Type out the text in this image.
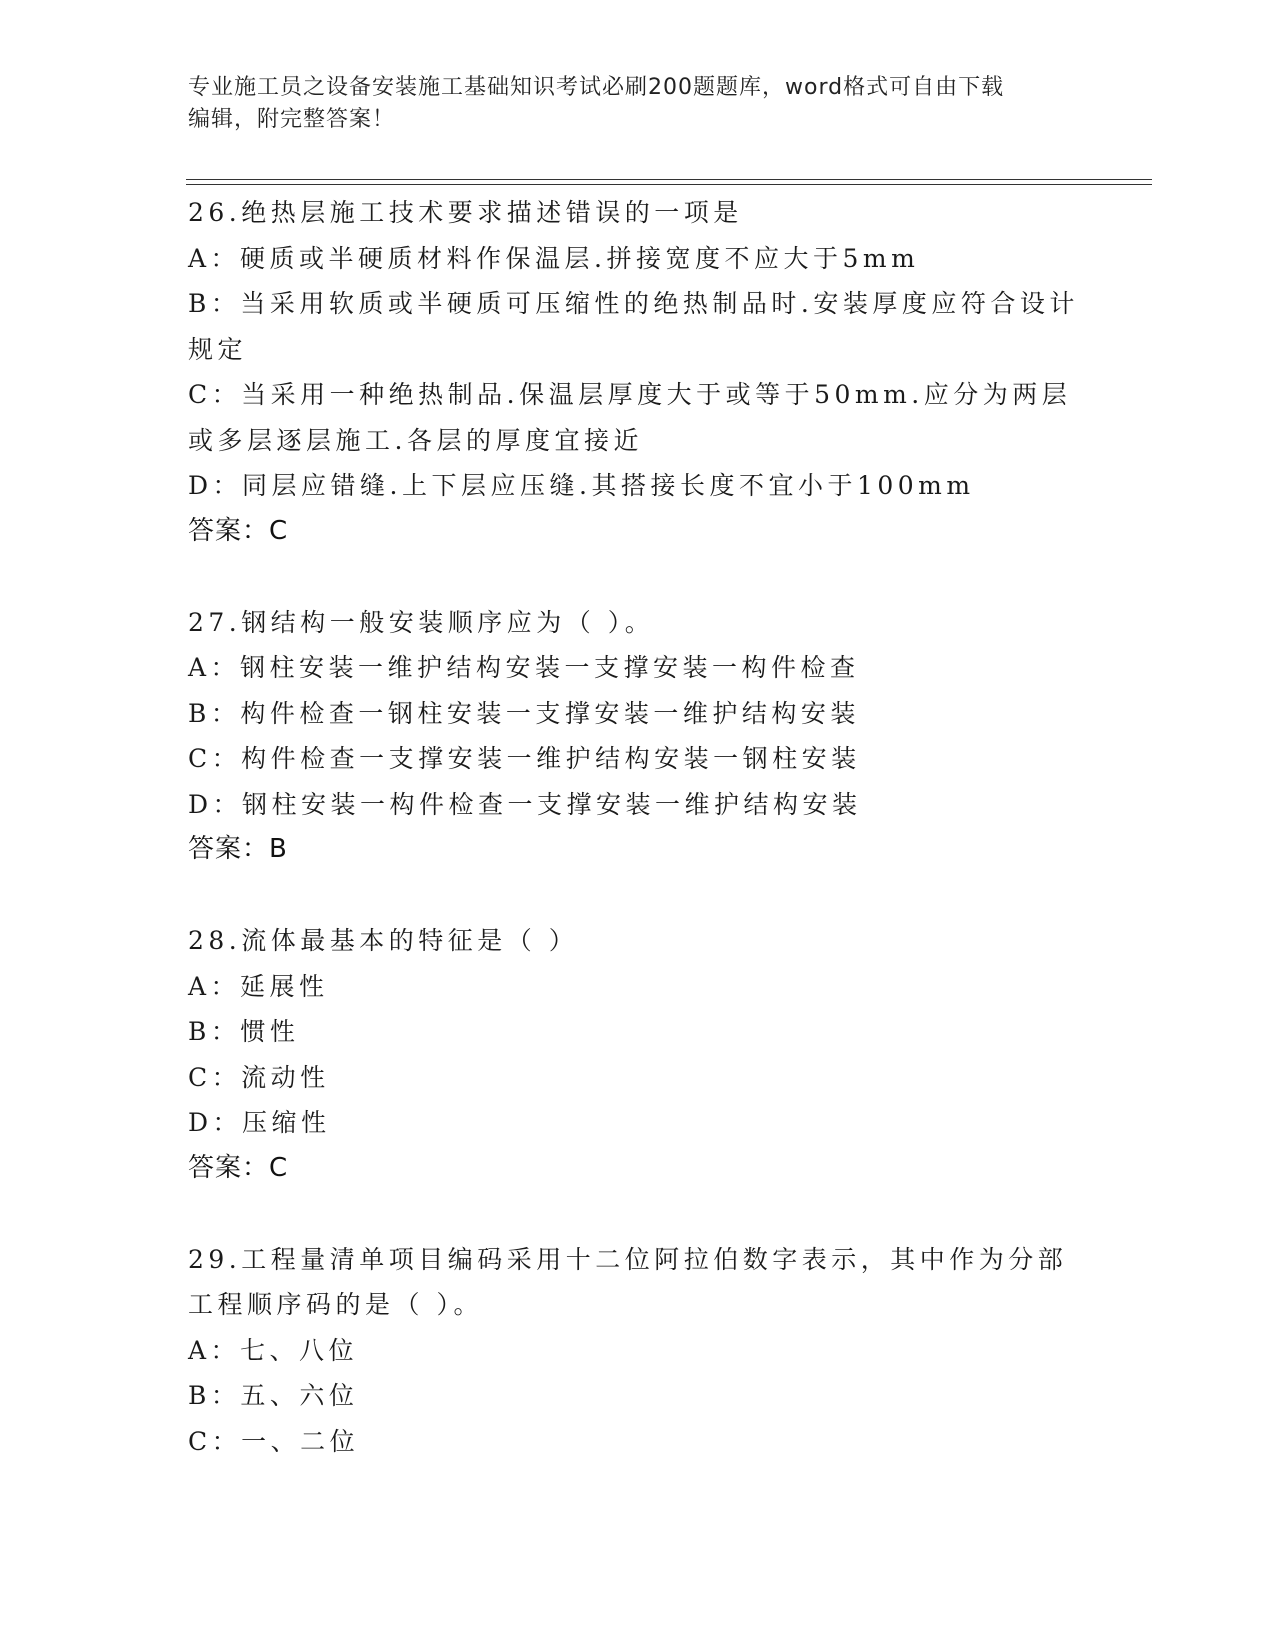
专业施工员之设备安装施工基础知识考试必刷200题题库，word格式可自由下载
编辑，附完整答案！
26.绝热层施工技术要求描述错误的一项是
A：硬质或半硬质材料作保温层.拼接宽度不应大于5mm
B：当采用软质或半硬质可压缩性的绝热制品时.安装厚度应符合设计规定
C：当采用一种绝热制品.保温层厚度大于或等于50mm.应分为两层或多层逐层施工.各层的厚度宜接近
D：同层应错缝.上下层应压缝.其搭接长度不宜小于100mm
答案：C
27.钢结构一般安装顺序应为（ ）。
A：钢柱安装一维护结构安装一支撑安装一构件检查
B：构件检查一钢柱安装一支撑安装一维护结构安装
C：构件检查一支撑安装一维护结构安装一钢柱安装
D：钢柱安装一构件检查一支撑安装一维护结构安装
答案：B
28.流体最基本的特征是（ ）
A：延展性
B：惯性
C：流动性
D：压缩性
答案：C
29.工程量清单项目编码采用十二位阿拉伯数字表示，其中作为分部工程顺序码的是（ ）。
A：七、八位
B：五、六位
C：一、二位
